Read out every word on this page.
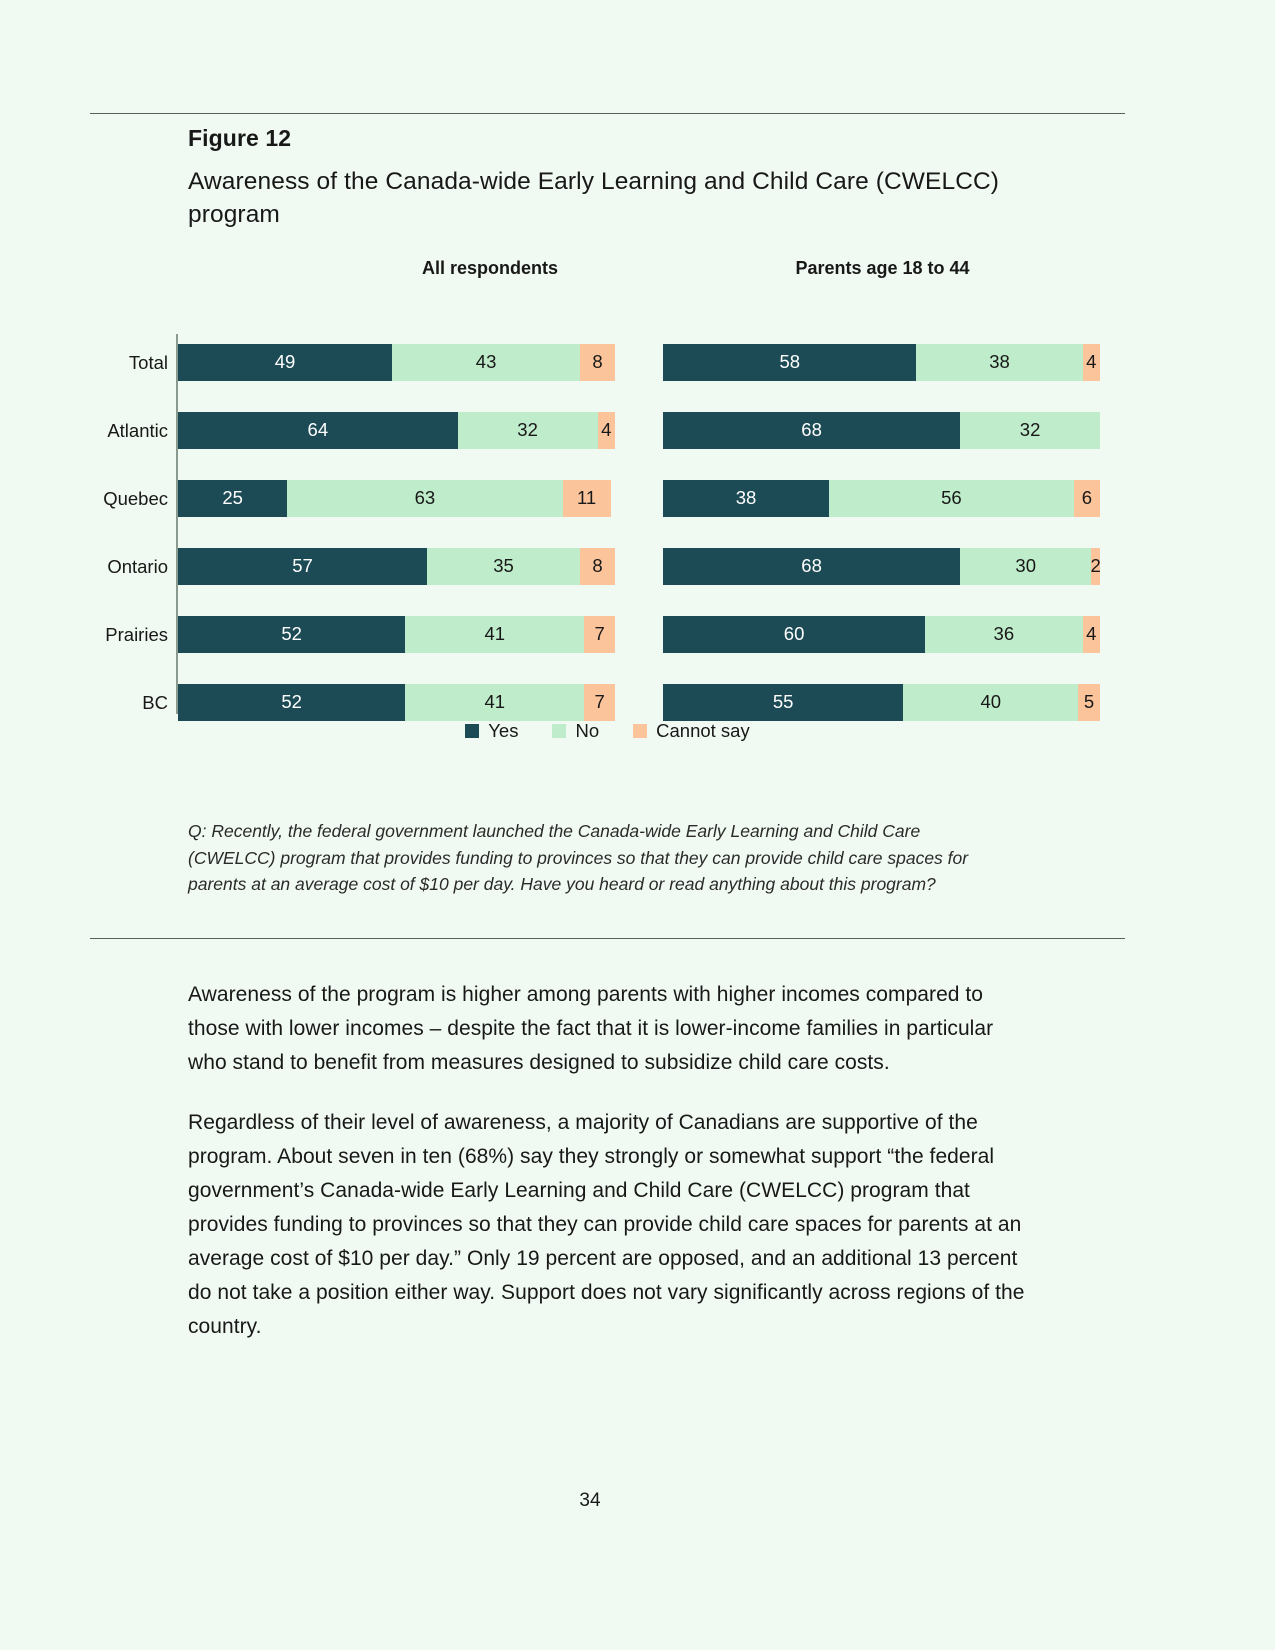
Figure 12
Awareness of the Canada-wide Early Learning and Child Care (CWELCC) program
All respondents	Parents age 18 to 44
Total	49	43	8	58	38	4
Atlantic	64	32	4	68	32
Quebec	25	63	11	38	56	6
Ontario	57	35	8	68	30	2
Prairies	52	41	7	60	36	4
BC	52	41	7	55	40	5
Yes	No	Cannot say
Q: Recently, the federal government launched the Canada-wide Early Learning and Child Care (CWELCC) program that provides funding to provinces so that they can provide child care spaces for parents at an average cost of $10 per day. Have you heard or read anything about this program?

Awareness of the program is higher among parents with higher incomes compared to those with lower incomes – despite the fact that it is lower-income families in particular who stand to benefit from measures designed to subsidize child care costs.

Regardless of their level of awareness, a majority of Canadians are supportive of the program. About seven in ten (68%) say they strongly or somewhat support “the federal government’s Canada-wide Early Learning and Child Care (CWELCC) program that provides funding to provinces so that they can provide child care spaces for parents at an average cost of $10 per day.” Only 19 percent are opposed, and an additional 13 percent do not take a position either way. Support does not vary significantly across regions of the country.

34
